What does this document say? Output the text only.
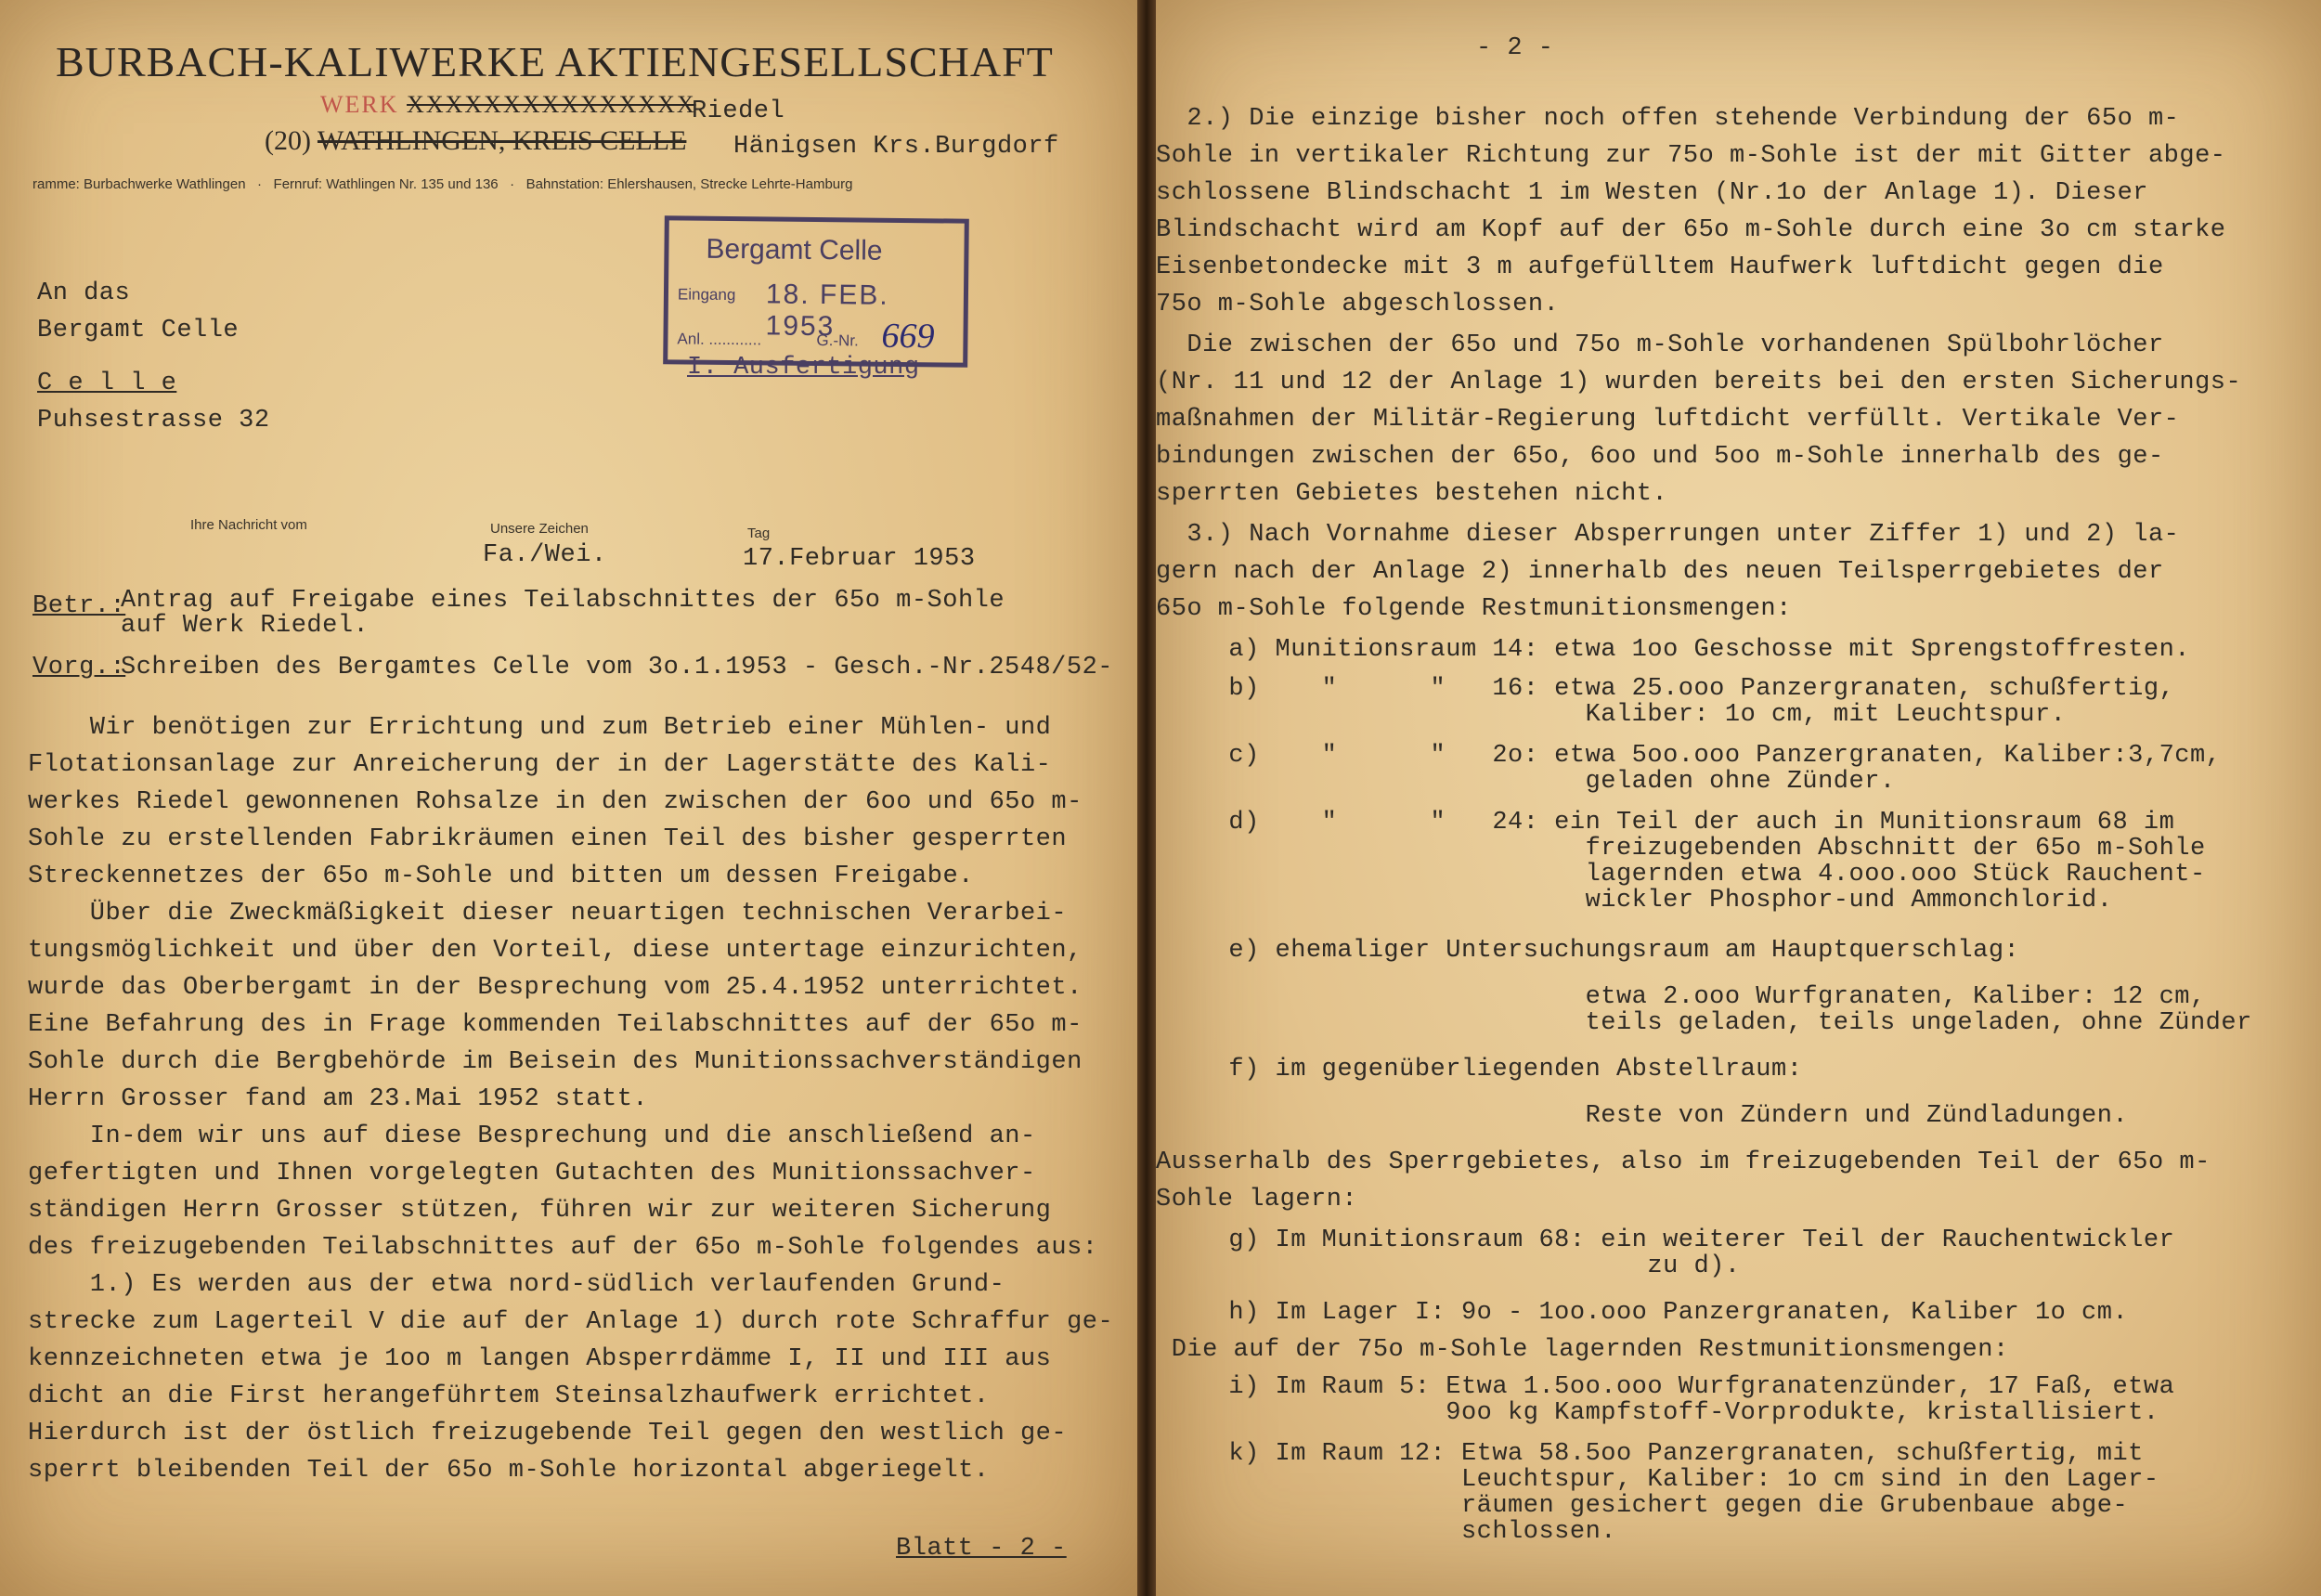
BURBACH-KALIWERKE AKTIENGESELLSCHAFT
WERK XXXXXXXXXXXXXXX
Riedel
(20) WATHLINGEN, KREIS CELLE Hänigsen Krs.Burgdorf
ramme: Burbachwerke Wathlingen   ·   Fernruf: Wathlingen Nr. 135 und 136   ·   Bahnstation: Ehlershausen, Strecke Lehrte-Hamburg
An das
Bergamt Celle
C e l l e
Puhsestrasse 32
Bergamt Celle
Eingang 18. FEB. 1953
Anl. ............	G.-Nr. 669
I. Ausfertigung
Ihre Nachricht vom	Unsere Zeichen	Tag
Fa./Wei.	17.Februar 1953
Betr.:
Antrag auf Freigabe eines Teilabschnittes der 65o m-Sohle
auf Werk Riedel.
Vorg.:
Schreiben des Bergamtes Celle vom 3o.1.1953 - Gesch.-Nr.2548/52-
Wir benötigen zur Errichtung und zum Betrieb einer Mühlen- und
Flotationsanlage zur Anreicherung der in der Lagerstätte des Kali-
werkes Riedel gewonnenen Rohsalze in den zwischen der 6oo und 65o m-
Sohle zu erstellenden Fabrikräumen einen Teil des bisher gesperrten
Streckennetzes der 65o m-Sohle und bitten um dessen Freigabe.
Über die Zweckmäßigkeit dieser neuartigen technischen Verarbei-
tungsmöglichkeit und über den Vorteil, diese untertage einzurichten,
wurde das Oberbergamt in der Besprechung vom 25.4.1952 unterrichtet.
Eine Befahrung des in Frage kommenden Teilabschnittes auf der 65o m-
Sohle durch die Bergbehörde im Beisein des Munitionssachverständigen
Herrn Grosser fand am 23.Mai 1952 statt.
In-dem wir uns auf diese Besprechung und die anschließend an-
gefertigten und Ihnen vorgelegten Gutachten des Munitionssachver-
ständigen Herrn Grosser stützen, führen wir zur weiteren Sicherung
des freizugebenden Teilabschnittes auf der 65o m-Sohle folgendes aus:
1.) Es werden aus der etwa nord-südlich verlaufenden Grund-
strecke zum Lagerteil V die auf der Anlage 1) durch rote Schraffur ge-
kennzeichneten etwa je 1oo m langen Absperrdämme I, II und III aus
dicht an die First herangeführtem Steinsalzhaufwerk errichtet.
Hierdurch ist der östlich freizugebende Teil gegen den westlich ge-
sperrt bleibenden Teil der 65o m-Sohle horizontal abgeriegelt.
Blatt - 2 -
- 2 -
2.) Die einzige bisher noch offen stehende Verbindung der 65o m-
Sohle in vertikaler Richtung zur 75o m-Sohle ist der mit Gitter abge-
schlossene Blindschacht 1 im Westen (Nr.1o der Anlage 1). Dieser
Blindschacht wird am Kopf auf der 65o m-Sohle durch eine 3o cm starke
Eisenbetondecke mit 3 m aufgefülltem Haufwerk luftdicht gegen die
75o m-Sohle abgeschlossen.
Die zwischen der 65o und 75o m-Sohle vorhandenen Spülbohrlöcher
(Nr. 11 und 12 der Anlage 1) wurden bereits bei den ersten Sicherungs-
maßnahmen der Militär-Regierung luftdicht verfüllt. Vertikale Ver-
bindungen zwischen der 65o, 6oo und 5oo m-Sohle innerhalb des ge-
sperrten Gebietes bestehen nicht.
3.) Nach Vornahme dieser Absperrungen unter Ziffer 1) und 2) la-
gern nach der Anlage 2) innerhalb des neuen Teilsperrgebietes der
65o m-Sohle folgende Restmunitionsmengen:
a) Munitionsraum 14: etwa 1oo Geschosse mit Sprengstoffresten.
b)    "      "   16: etwa 25.ooo Panzergranaten, schußfertig,
Kaliber: 1o cm, mit Leuchtspur.
c)    "      "   2o: etwa 5oo.ooo Panzergranaten, Kaliber:3,7cm,
geladen ohne Zünder.
d)    "      "   24: ein Teil der auch in Munitionsraum 68 im
freizugebenden Abschnitt der 65o m-Sohle
lagernden etwa 4.ooo.ooo Stück Rauchent-
wickler Phosphor-und Ammonchlorid.
e) ehemaliger Untersuchungsraum am Hauptquerschlag:
etwa 2.ooo Wurfgranaten, Kaliber: 12 cm,
teils geladen, teils ungeladen, ohne Zünder
f) im gegenüberliegenden Abstellraum:
Reste von Zündern und Zündladungen.
Ausserhalb des Sperrgebietes, also im freizugebenden Teil der 65o m-
Sohle lagern:
g) Im Munitionsraum 68: ein weiterer Teil der Rauchentwickler
zu d).
h) Im Lager I: 9o - 1oo.ooo Panzergranaten, Kaliber 1o cm.
Die auf der 75o m-Sohle lagernden Restmunitionsmengen:
i) Im Raum 5: Etwa 1.5oo.ooo Wurfgranatenzünder, 17 Faß, etwa
9oo kg Kampfstoff-Vorprodukte, kristallisiert.
k) Im Raum 12: Etwa 58.5oo Panzergranaten, schußfertig, mit
Leuchtspur, Kaliber: 1o cm sind in den Lager-
räumen gesichert gegen die Grubenbaue abge-
schlossen.
